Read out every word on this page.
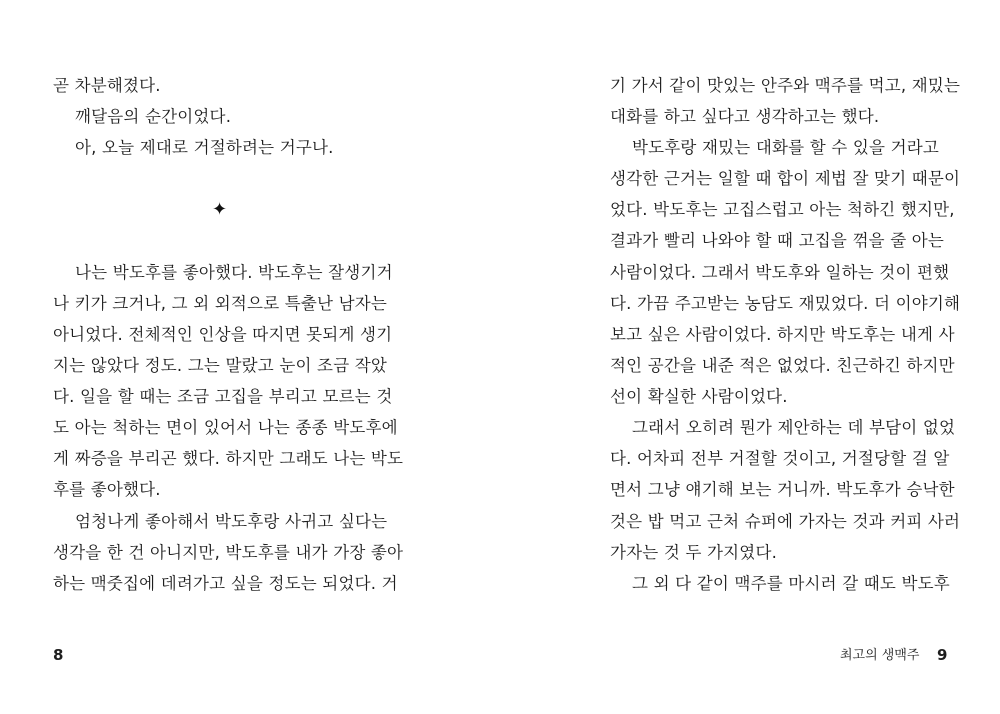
곧 차분해졌다.
깨달음의 순간이었다.
아, 오늘 제대로 거절하려는 거구나.
✦
나는 박도후를 좋아했다. 박도후는 잘생기거
나 키가 크거나, 그 외 외적으로 특출난 남자는
아니었다. 전체적인 인상을 따지면 못되게 생기
지는 않았다 정도. 그는 말랐고 눈이 조금 작았
다. 일을 할 때는 조금 고집을 부리고 모르는 것
도 아는 척하는 면이 있어서 나는 종종 박도후에
게 짜증을 부리곤 했다. 하지만 그래도 나는 박도
후를 좋아했다.
엄청나게 좋아해서 박도후랑 사귀고 싶다는
생각을 한 건 아니지만, 박도후를 내가 가장 좋아
하는 맥줏집에 데려가고 싶을 정도는 되었다. 거
8
기 가서 같이 맛있는 안주와 맥주를 먹고, 재밌는
대화를 하고 싶다고 생각하고는 했다.
박도후랑 재밌는 대화를 할 수 있을 거라고
생각한 근거는 일할 때 합이 제법 잘 맞기 때문이
었다. 박도후는 고집스럽고 아는 척하긴 했지만,
결과가 빨리 나와야 할 때 고집을 꺾을 줄 아는
사람이었다. 그래서 박도후와 일하는 것이 편했
다. 가끔 주고받는 농담도 재밌었다. 더 이야기해
보고 싶은 사람이었다. 하지만 박도후는 내게 사
적인 공간을 내준 적은 없었다. 친근하긴 하지만
선이 확실한 사람이었다.
그래서 오히려 뭔가 제안하는 데 부담이 없었
다. 어차피 전부 거절할 것이고, 거절당할 걸 알
면서 그냥 얘기해 보는 거니까. 박도후가 승낙한
것은 밥 먹고 근처 슈퍼에 가자는 것과 커피 사러
가자는 것 두 가지였다.
그 외 다 같이 맥주를 마시러 갈 때도 박도후
최고의 생맥주 9
